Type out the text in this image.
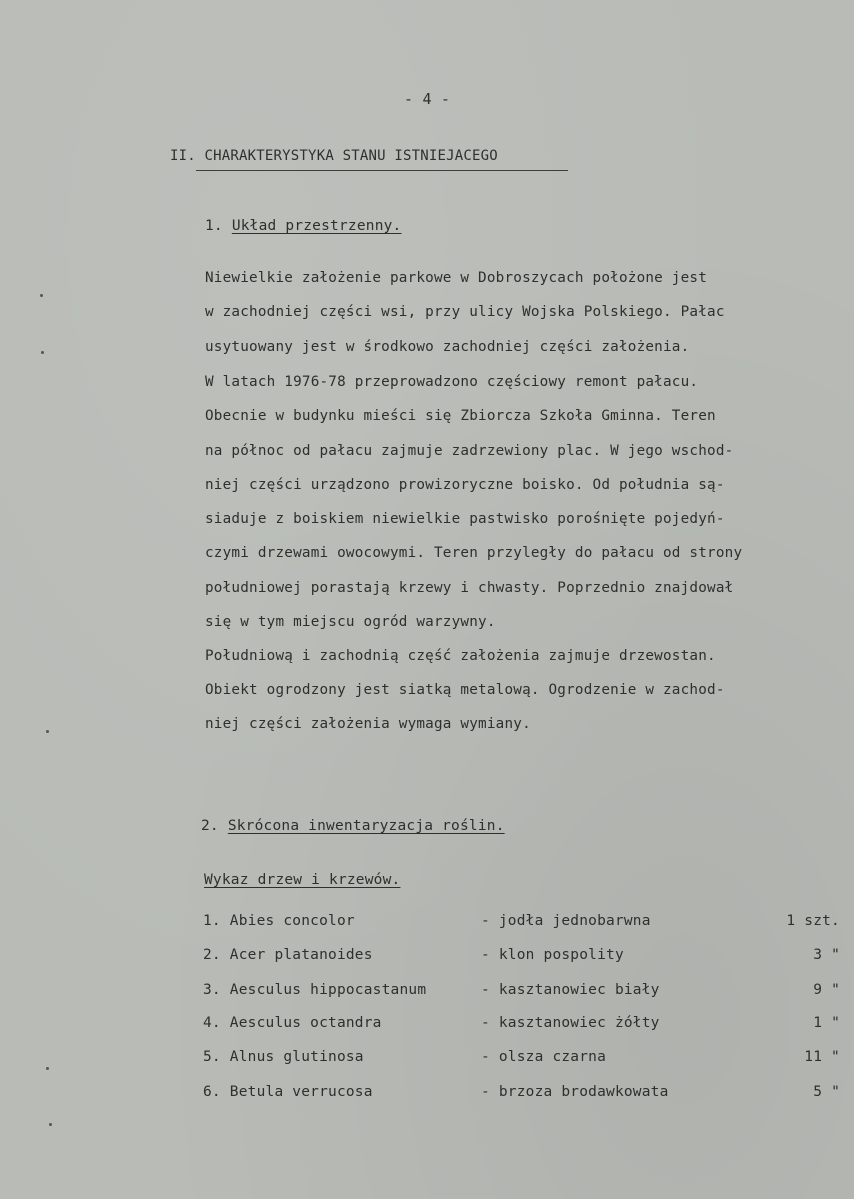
- 4 -
II. CHARAKTERYSTYKA STANU ISTNIEJACEGO
1. Układ przestrzenny.
Niewielkie założenie parkowe w Dobroszycach położone jest
w zachodniej części wsi, przy ulicy Wojska Polskiego. Pałac
usytuowany jest w środkowo zachodniej części założenia.
W latach 1976-78 przeprowadzono częściowy remont pałacu.
Obecnie w budynku mieści się Zbiorcza Szkoła Gminna. Teren
na północ od pałacu zajmuje zadrzewiony plac. W jego wschod-
niej części urządzono prowizoryczne boisko. Od południa są-
siaduje z boiskiem niewielkie pastwisko porośnięte pojedyń-
czymi drzewami owocowymi. Teren przyległy do pałacu od strony
południowej porastają krzewy i chwasty. Poprzednio znajdował
się w tym miejscu ogród warzywny.
Południową i zachodnią część założenia zajmuje drzewostan.
Obiekt ogrodzony jest siatką metalową. Ogrodzenie w zachod-
niej części założenia wymaga wymiany.
2. Skrócona inwentaryzacja roślin.
Wykaz drzew i krzewów.
1. Abies concolor	- jodła jednobarwna	1 szt.
2. Acer platanoides	- klon pospolity	3 "
3. Aesculus hippocastanum	- kasztanowiec biały	9 "
4. Aesculus octandra	- kasztanowiec żółty	1 "
5. Alnus glutinosa	- olsza czarna	11 "
6. Betula verrucosa	- brzoza brodawkowata	5 "
